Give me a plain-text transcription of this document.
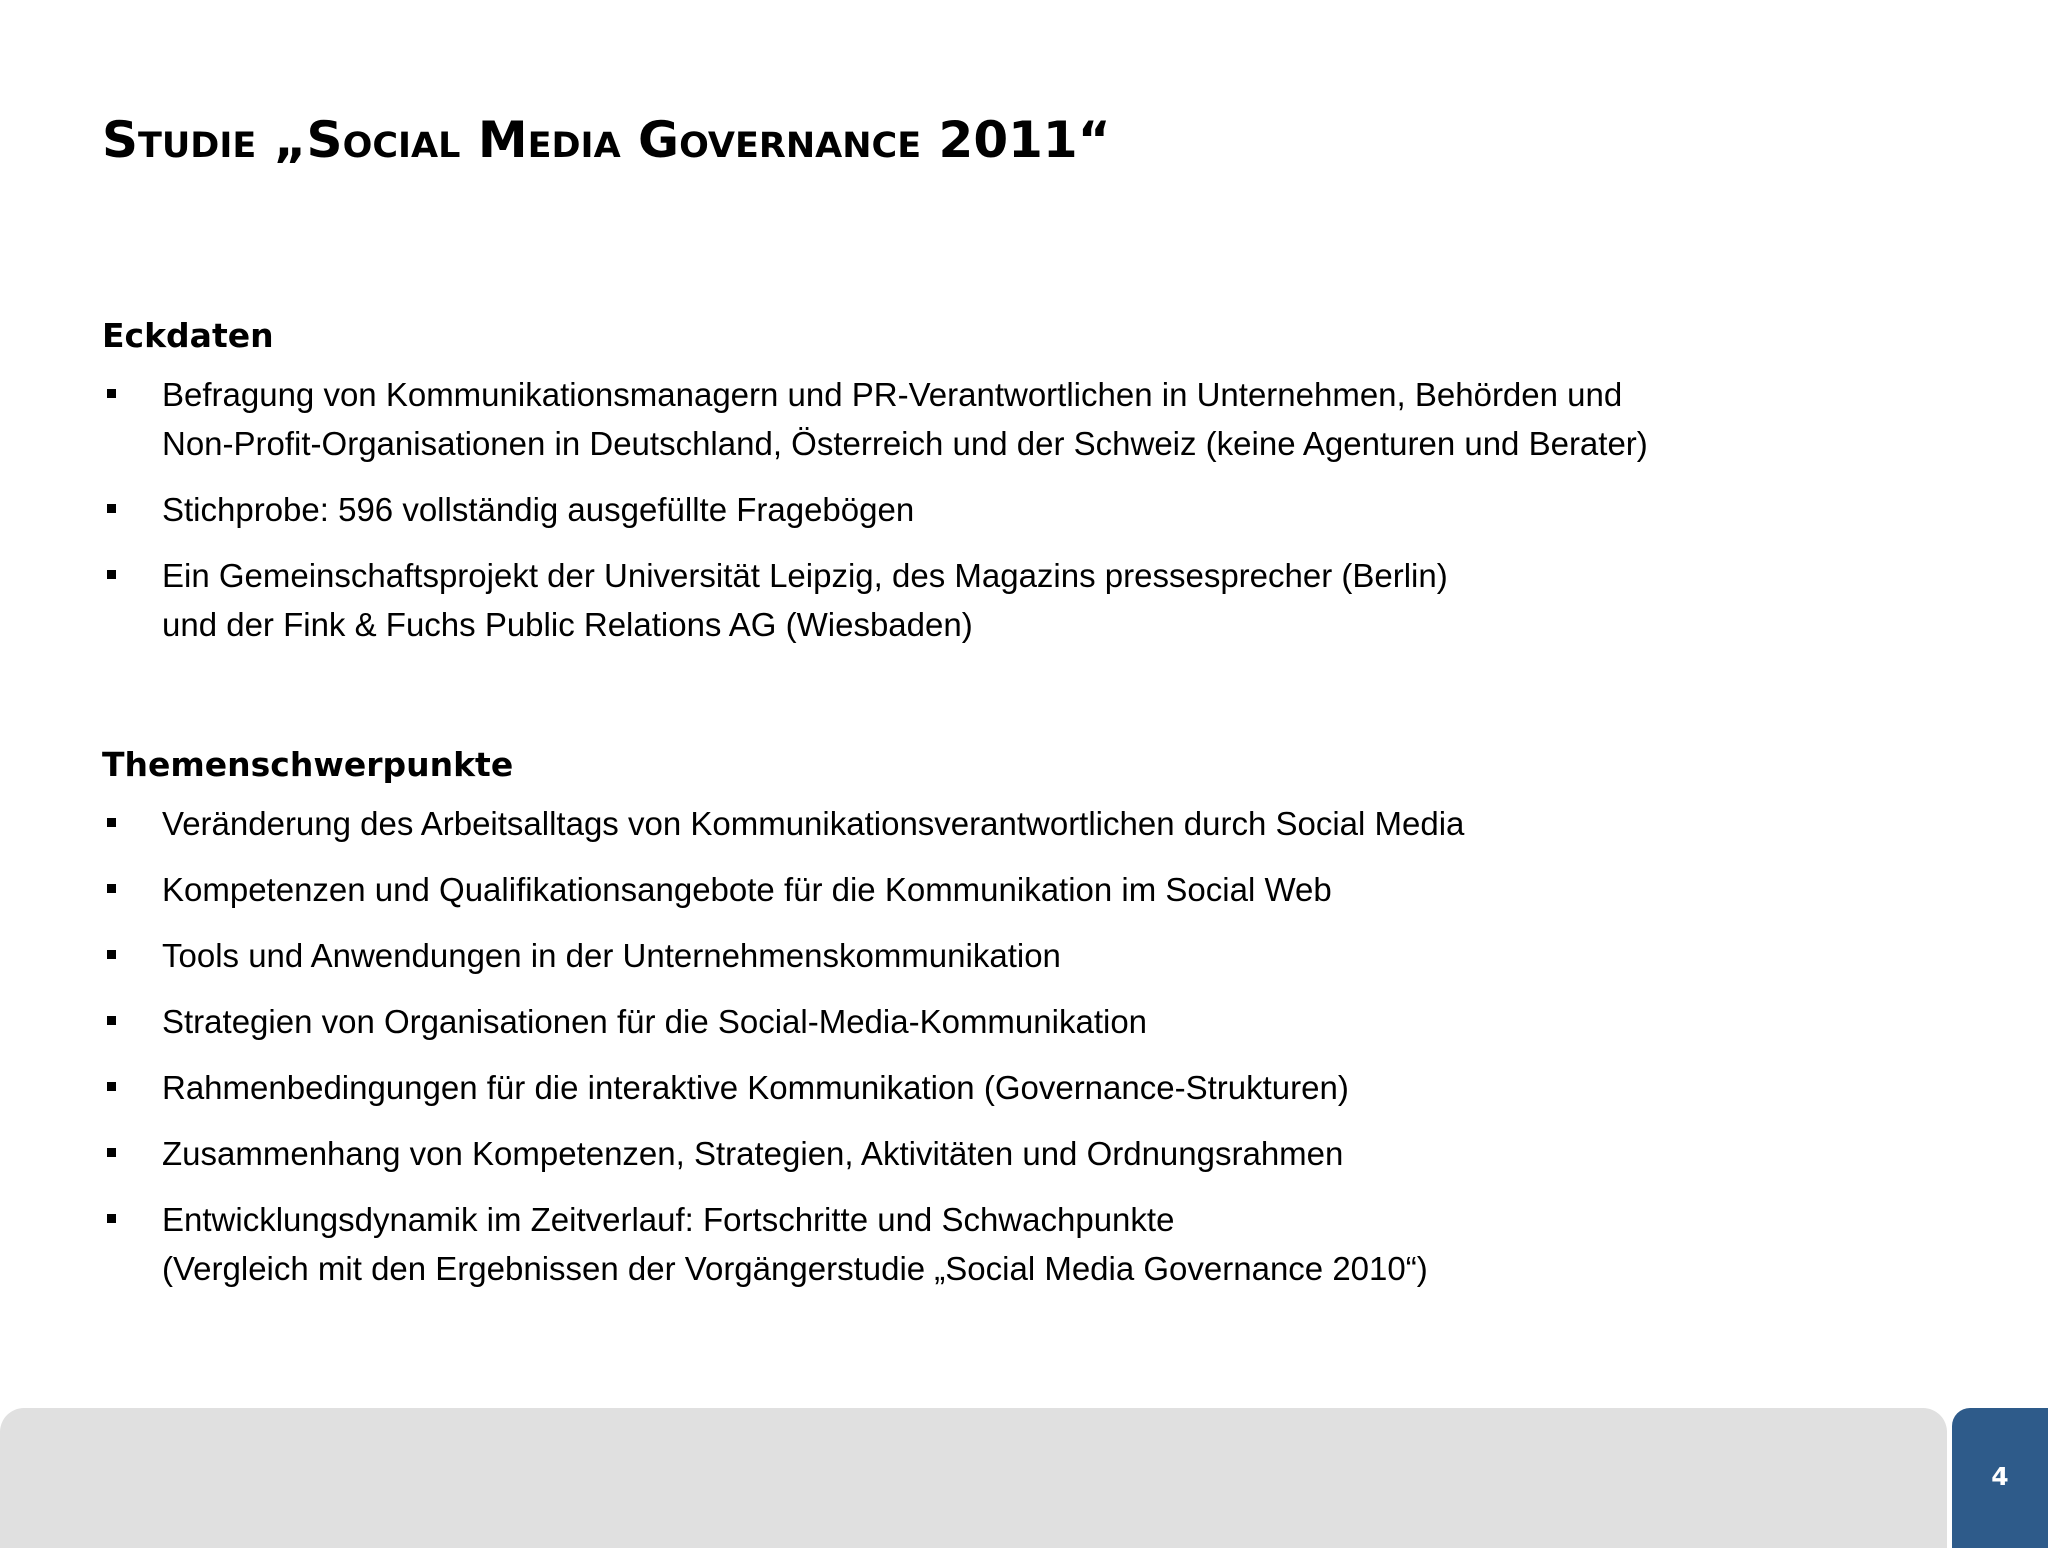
Studie „Social Media Governance 2011“
Eckdaten
Befragung von Kommunikationsmanagern und PR-Verantwortlichen in Unternehmen, Behörden und
Non-Profit-Organisationen in Deutschland, Österreich und der Schweiz (keine Agenturen und Berater)
Stichprobe: 596 vollständig ausgefüllte Fragebögen
Ein Gemeinschaftsprojekt der Universität Leipzig, des Magazins pressesprecher (Berlin)
und der Fink & Fuchs Public Relations AG (Wiesbaden)
Themenschwerpunkte
Veränderung des Arbeitsalltags von Kommunikationsverantwortlichen durch Social Media
Kompetenzen und Qualifikationsangebote für die Kommunikation im Social Web
Tools und Anwendungen in der Unternehmenskommunikation
Strategien von Organisationen für die Social-Media-Kommunikation
Rahmenbedingungen für die interaktive Kommunikation (Governance-Strukturen)
Zusammenhang von Kompetenzen, Strategien, Aktivitäten und Ordnungsrahmen
Entwicklungsdynamik im Zeitverlauf: Fortschritte und Schwachpunkte
(Vergleich mit den Ergebnissen der Vorgängerstudie „Social Media Governance 2010“)
4
